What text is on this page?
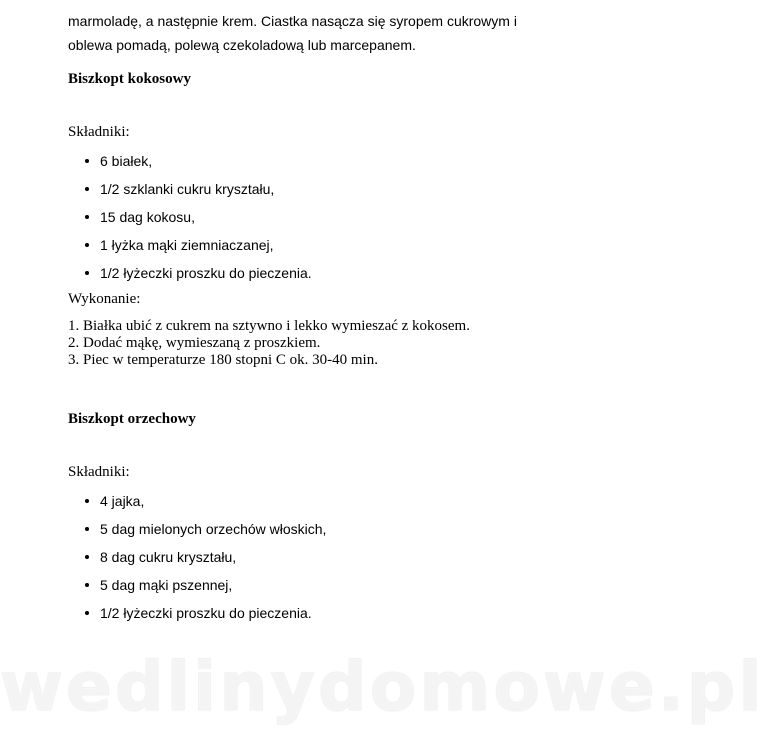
marmoladę, a następnie krem. Ciastka nasącza się syropem cukrowym i
oblewa pomadą, polewą czekoladową lub marcepanem.
Biszkopt kokosowy
Składniki:
6 białek,
1/2 szklanki cukru kryształu,
15 dag kokosu,
1 łyżka mąki ziemniaczanej,
1/2 łyżeczki proszku do pieczenia.
Wykonanie:
1. Białka ubić z cukrem na sztywno i lekko wymieszać z kokosem.
2. Dodać mąkę, wymieszaną z proszkiem.
3. Piec w temperaturze 180 stopni C ok. 30-40 min.
Biszkopt orzechowy
Składniki:
4 jajka,
5 dag mielonych orzechów włoskich,
8 dag cukru kryształu,
5 dag mąki pszennej,
1/2 łyżeczki proszku do pieczenia.
wedlinydomowe.pl
